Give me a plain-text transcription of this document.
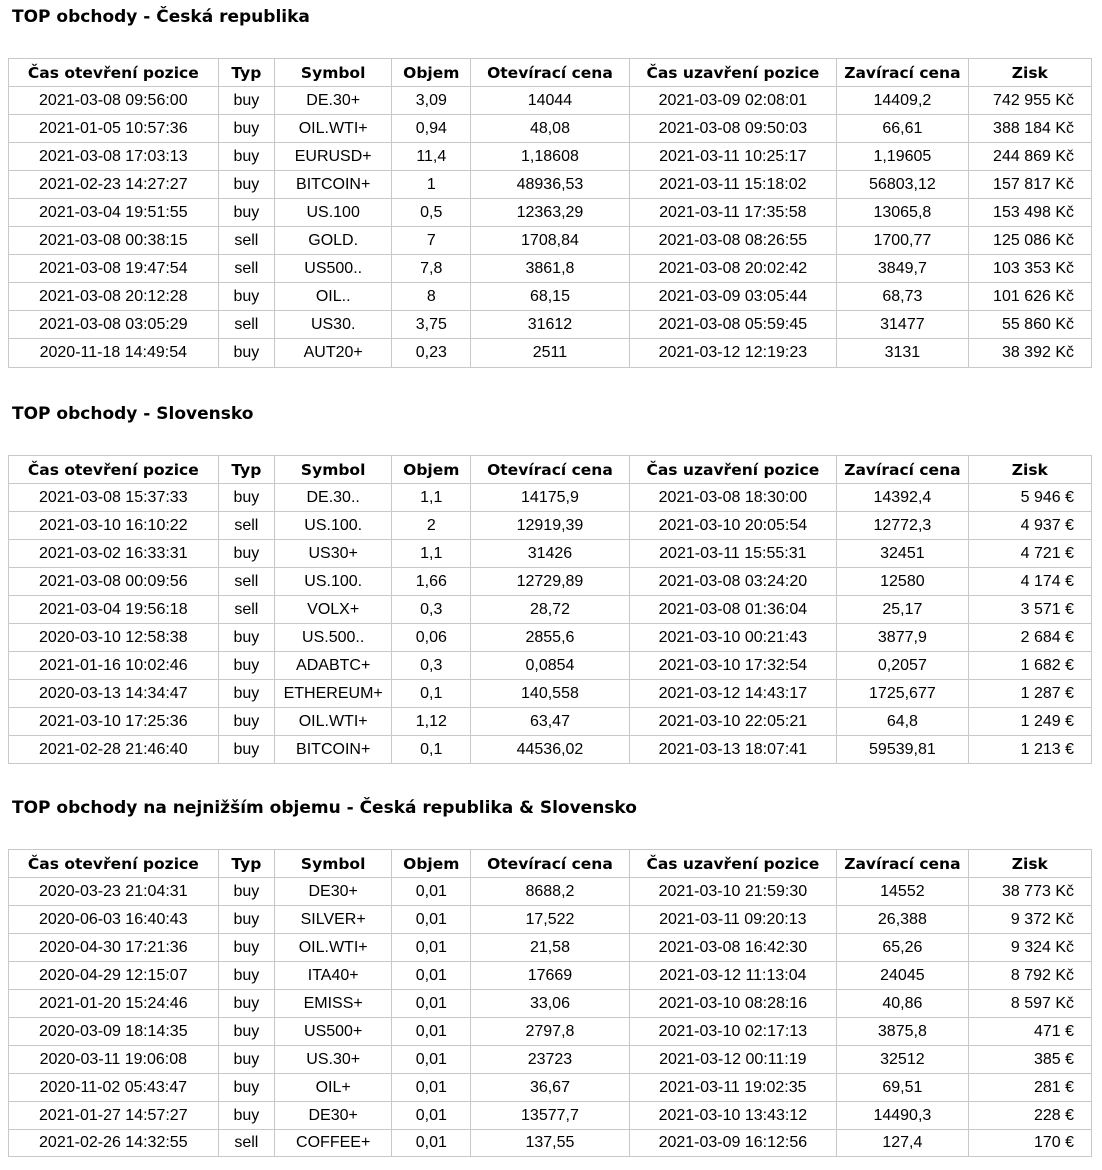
TOP obchody - Česká republika
Čas otevření pozice	Typ	Symbol	Objem	Otevírací cena	Čas uzavření pozice	Zavírací cena	Zisk
2021-03-08 09:56:00	buy	DE.30+	3,09	14044	2021-03-09 02:08:01	14409,2	742 955 Kč
2021-01-05 10:57:36	buy	OIL.WTI+	0,94	48,08	2021-03-08 09:50:03	66,61	388 184 Kč
2021-03-08 17:03:13	buy	EURUSD+	11,4	1,18608	2021-03-11 10:25:17	1,19605	244 869 Kč
2021-02-23 14:27:27	buy	BITCOIN+	1	48936,53	2021-03-11 15:18:02	56803,12	157 817 Kč
2021-03-04 19:51:55	buy	US.100	0,5	12363,29	2021-03-11 17:35:58	13065,8	153 498 Kč
2021-03-08 00:38:15	sell	GOLD.	7	1708,84	2021-03-08 08:26:55	1700,77	125 086 Kč
2021-03-08 19:47:54	sell	US500..	7,8	3861,8	2021-03-08 20:02:42	3849,7	103 353 Kč
2021-03-08 20:12:28	buy	OIL..	8	68,15	2021-03-09 03:05:44	68,73	101 626 Kč
2021-03-08 03:05:29	sell	US30.	3,75	31612	2021-03-08 05:59:45	31477	55 860 Kč
2020-11-18 14:49:54	buy	AUT20+	0,23	2511	2021-03-12 12:19:23	3131	38 392 Kč
TOP obchody - Slovensko
Čas otevření pozice	Typ	Symbol	Objem	Otevírací cena	Čas uzavření pozice	Zavírací cena	Zisk
2021-03-08 15:37:33	buy	DE.30..	1,1	14175,9	2021-03-08 18:30:00	14392,4	5 946 €
2021-03-10 16:10:22	sell	US.100.	2	12919,39	2021-03-10 20:05:54	12772,3	4 937 €
2021-03-02 16:33:31	buy	US30+	1,1	31426	2021-03-11 15:55:31	32451	4 721 €
2021-03-08 00:09:56	sell	US.100.	1,66	12729,89	2021-03-08 03:24:20	12580	4 174 €
2021-03-04 19:56:18	sell	VOLX+	0,3	28,72	2021-03-08 01:36:04	25,17	3 571 €
2020-03-10 12:58:38	buy	US.500..	0,06	2855,6	2021-03-10 00:21:43	3877,9	2 684 €
2021-01-16 10:02:46	buy	ADABTC+	0,3	0,0854	2021-03-10 17:32:54	0,2057	1 682 €
2020-03-13 14:34:47	buy	ETHEREUM+	0,1	140,558	2021-03-12 14:43:17	1725,677	1 287 €
2021-03-10 17:25:36	buy	OIL.WTI+	1,12	63,47	2021-03-10 22:05:21	64,8	1 249 €
2021-02-28 21:46:40	buy	BITCOIN+	0,1	44536,02	2021-03-13 18:07:41	59539,81	1 213 €
TOP obchody na nejnižším objemu - Česká republika & Slovensko
Čas otevření pozice	Typ	Symbol	Objem	Otevírací cena	Čas uzavření pozice	Zavírací cena	Zisk
2020-03-23 21:04:31	buy	DE30+	0,01	8688,2	2021-03-10 21:59:30	14552	38 773 Kč
2020-06-03 16:40:43	buy	SILVER+	0,01	17,522	2021-03-11 09:20:13	26,388	9 372 Kč
2020-04-30 17:21:36	buy	OIL.WTI+	0,01	21,58	2021-03-08 16:42:30	65,26	9 324 Kč
2020-04-29 12:15:07	buy	ITA40+	0,01	17669	2021-03-12 11:13:04	24045	8 792 Kč
2021-01-20 15:24:46	buy	EMISS+	0,01	33,06	2021-03-10 08:28:16	40,86	8 597 Kč
2020-03-09 18:14:35	buy	US500+	0,01	2797,8	2021-03-10 02:17:13	3875,8	471 €
2020-03-11 19:06:08	buy	US.30+	0,01	23723	2021-03-12 00:11:19	32512	385 €
2020-11-02 05:43:47	buy	OIL+	0,01	36,67	2021-03-11 19:02:35	69,51	281 €
2021-01-27 14:57:27	buy	DE30+	0,01	13577,7	2021-03-10 13:43:12	14490,3	228 €
2021-02-26 14:32:55	sell	COFFEE+	0,01	137,55	2021-03-09 16:12:56	127,4	170 €
